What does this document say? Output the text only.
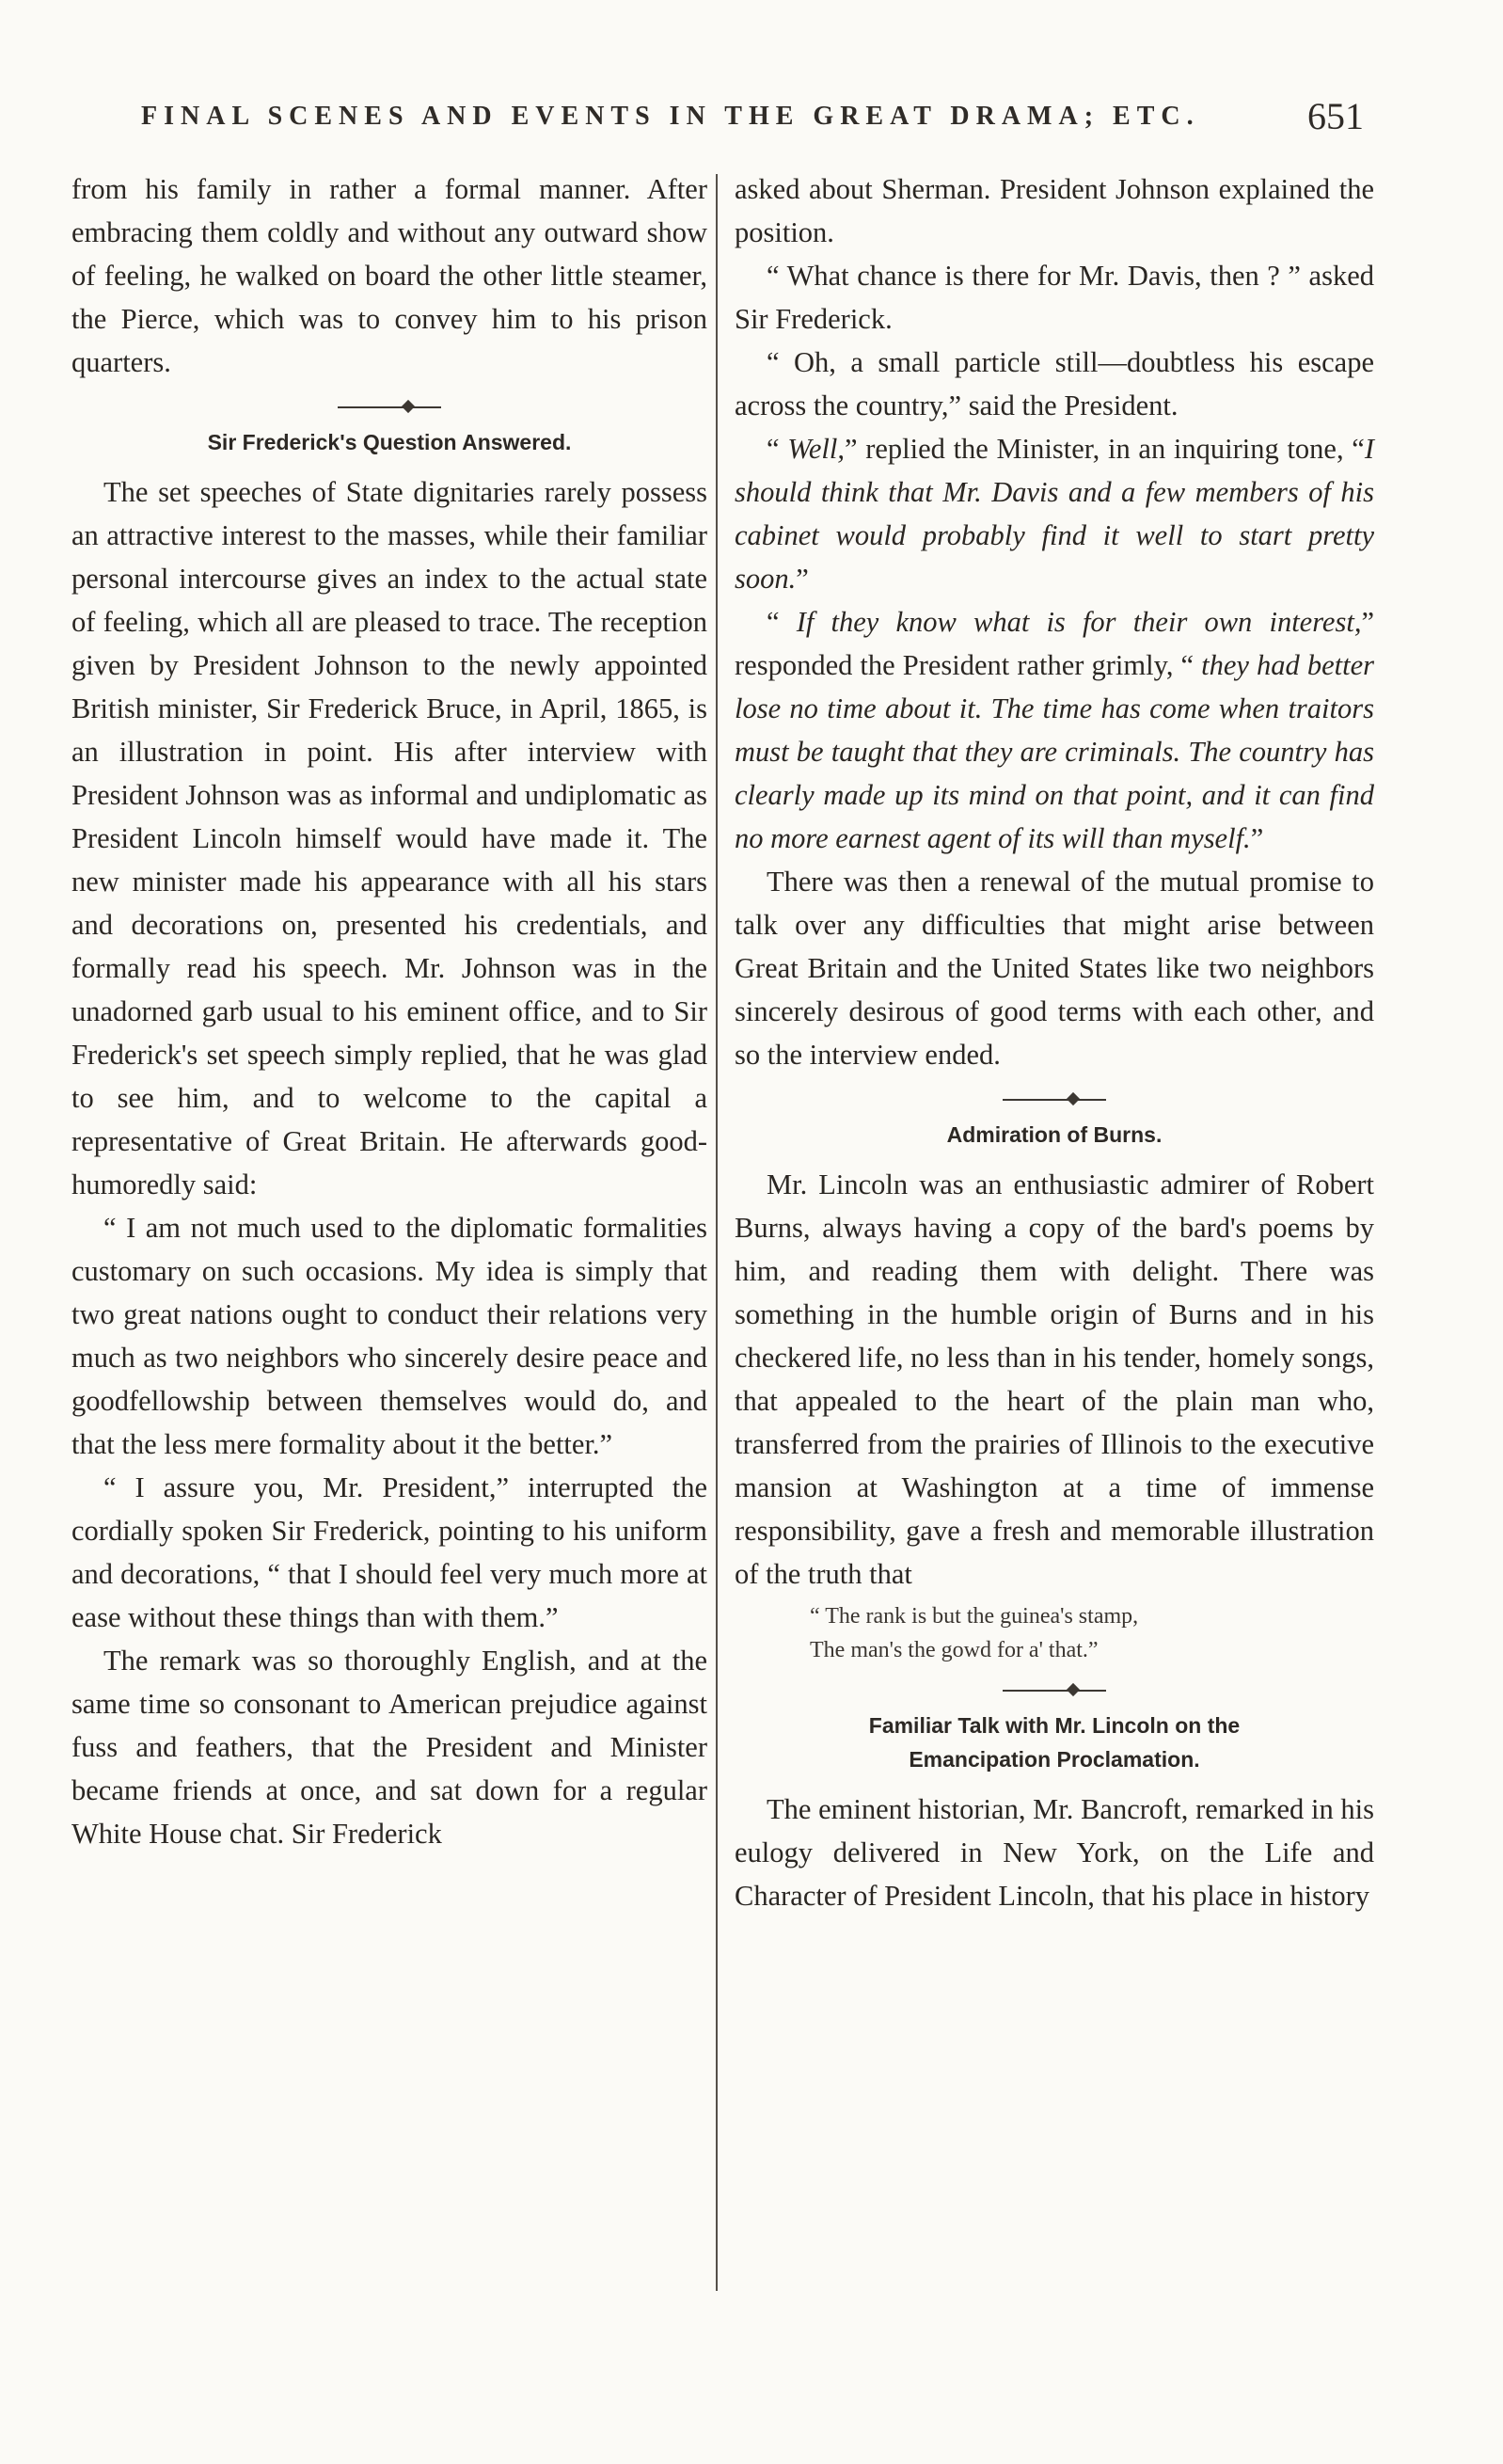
FINAL SCENES AND EVENTS IN THE GREAT DRAMA; ETC.	651

from his family in rather a formal manner. After embracing them coldly and without any outward show of feeling, he walked on board the other little steamer, the Pierce, which was to convey him to his prison quarters.

Sir Frederick's Question Answered.

The set speeches of State dignitaries rarely possess an attractive interest to the masses, while their familiar personal intercourse gives an index to the actual state of feeling, which all are pleased to trace. The reception given by President Johnson to the newly appointed British minister, Sir Frederick Bruce, in April, 1865, is an illustration in point. His after interview with President Johnson was as informal and undiplomatic as President Lincoln himself would have made it. The new minister made his appearance with all his stars and decorations on, presented his credentials, and formally read his speech. Mr. Johnson was in the unadorned garb usual to his eminent office, and to Sir Frederick's set speech simply replied, that he was glad to see him, and to welcome to the capital a representative of Great Britain. He afterwards good-humoredly said:

“ I am not much used to the diplomatic formalities customary on such occasions. My idea is simply that two great nations ought to conduct their relations very much as two neighbors who sincerely desire peace and goodfellowship between themselves would do, and that the less mere formality about it the better.”

“ I assure you, Mr. President,” interrupted the cordially spoken Sir Frederick, pointing to his uniform and decorations, “ that I should feel very much more at ease without these things than with them.”

The remark was so thoroughly English, and at the same time so consonant to American prejudice against fuss and feathers, that the President and Minister became friends at once, and sat down for a regular White House chat. Sir Frederick

asked about Sherman. President Johnson explained the position.

“ What chance is there for Mr. Davis, then ? ” asked Sir Frederick.

“ Oh, a small particle still—doubtless his escape across the country,” said the President.

“ Well,” replied the Minister, in an inquiring tone, “I should think that Mr. Davis and a few members of his cabinet would probably find it well to start pretty soon.”

“ If they know what is for their own interest,” responded the President rather grimly, “ they had better lose no time about it. The time has come when traitors must be taught that they are criminals. The country has clearly made up its mind on that point, and it can find no more earnest agent of its will than myself.”

There was then a renewal of the mutual promise to talk over any difficulties that might arise between Great Britain and the United States like two neighbors sincerely desirous of good terms with each other, and so the interview ended.

Admiration of Burns.

Mr. Lincoln was an enthusiastic admirer of Robert Burns, always having a copy of the bard's poems by him, and reading them with delight. There was something in the humble origin of Burns and in his checkered life, no less than in his tender, homely songs, that appealed to the heart of the plain man who, transferred from the prairies of Illinois to the executive mansion at Washington at a time of immense responsibility, gave a fresh and memorable illustration of the truth that

“ The rank is but the guinea's stamp,
The man's the gowd for a' that.”
Familiar Talk with Mr. Lincoln on the
Emancipation Proclamation.

The eminent historian, Mr. Bancroft, remarked in his eulogy delivered in New York, on the Life and Character of President Lincoln, that his place in history
